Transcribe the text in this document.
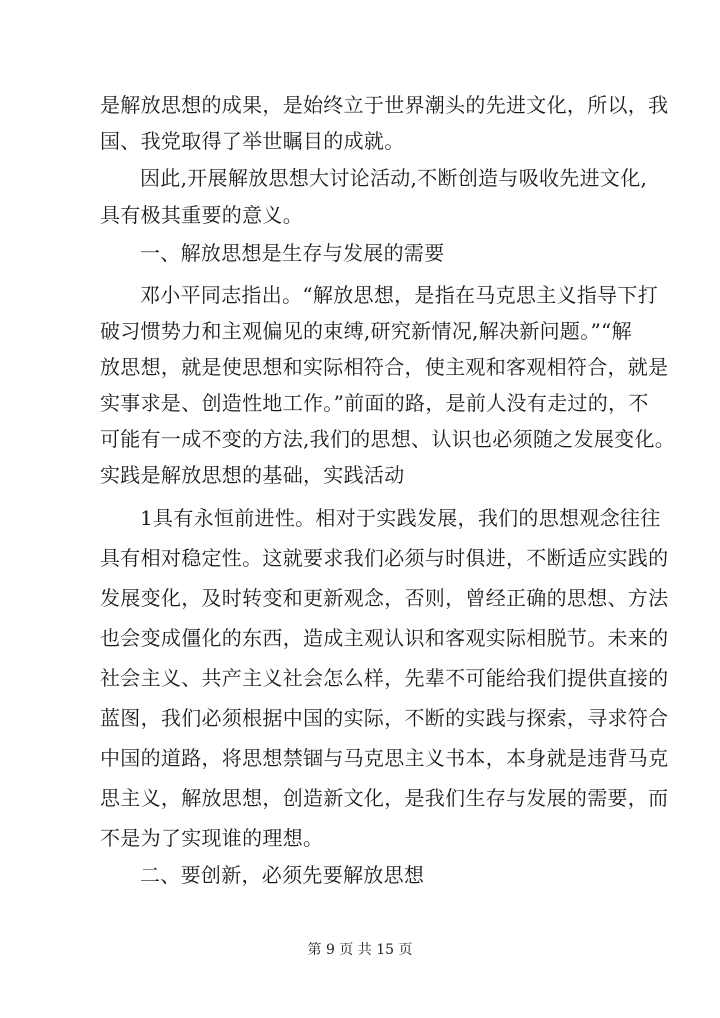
是解放思想的成果，是始终立于世界潮头的先进文化，所以，我
国、我党取得了举世瞩目的成就。
因此,开展解放思想大讨论活动,不断创造与吸收先进文化,
具有极其重要的意义。
一、解放思想是生存与发展的需要
邓小平同志指出。“解放思想，是指在马克思主义指导下打
破习惯势力和主观偏见的束缚,研究新情况,解决新问题。”“解
放思想，就是使思想和实际相符合，使主观和客观相符合，就是
实事求是、创造性地工作。”前面的路，是前人没有走过的，不
可能有一成不变的方法,我们的思想、认识也必须随之发展变化。
实践是解放思想的基础，实践活动
1具有永恒前进性。相对于实践发展，我们的思想观念往往
具有相对稳定性。这就要求我们必须与时俱进，不断适应实践的
发展变化，及时转变和更新观念，否则，曾经正确的思想、方法
也会变成僵化的东西，造成主观认识和客观实际相脱节。未来的
社会主义、共产主义社会怎么样，先辈不可能给我们提供直接的
蓝图，我们必须根据中国的实际，不断的实践与探索，寻求符合
中国的道路，将思想禁锢与马克思主义书本，本身就是违背马克
思主义，解放思想，创造新文化，是我们生存与发展的需要，而
不是为了实现谁的理想。
二、要创新，必须先要解放思想
第 9 页 共 15 页
